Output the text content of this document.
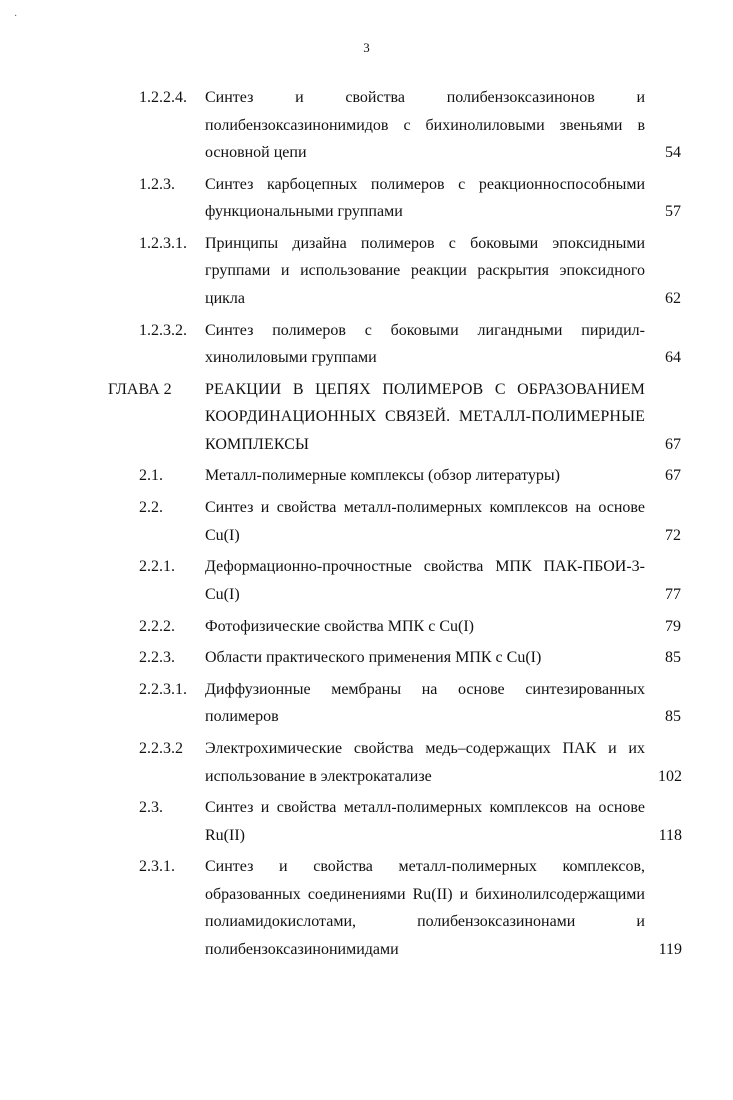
·
3
1.2.2.4. Синтез и свойства полибензоксазинонов и полибензоксазинонимидов с бихинолиловыми звеньями в основной цепи	54
1.2.3. Синтез карбоцепных полимеров с реакционноспособными функциональными группами	57
1.2.3.1. Принципы дизайна полимеров с боковыми эпоксидными группами и использование реакции раскрытия эпоксидного цикла	62
1.2.3.2. Синтез полимеров с боковыми лигандными пиридил-хинолиловыми группами	64
ГЛАВА 2 РЕАКЦИИ В ЦЕПЯХ ПОЛИМЕРОВ С ОБРАЗОВАНИЕМ КООРДИНАЦИОННЫХ СВЯЗЕЙ. МЕТАЛЛ-ПОЛИМЕРНЫЕ КОМПЛЕКСЫ	67
2.1.	Металл-полимерные комплексы (обзор литературы)	67
2.2.	Синтез и свойства металл-полимерных комплексов на основе Cu(I)	72
2.2.1. Деформационно-прочностные свойства МПК ПАК-ПБОИ-3-Cu(I)	77
2.2.2. Фотофизические свойства МПК с Cu(I)	79
2.2.3. Области практического применения МПК с Cu(I)	85
2.2.3.1. Диффузионные мембраны на основе синтезированных полимеров	85
2.2.3.2 Электрохимические свойства медь–содержащих ПАК и их использование в электрокатализе	102
2.3.	Синтез и свойства металл-полимерных комплексов на основе Ru(II)	118
2.3.1. Синтез и свойства металл-полимерных комплексов, образованных соединениями Ru(II) и бихинолилсодержащими полиамидокислотами, полибензоксазинонами и полибензоксазинонимидами	119
